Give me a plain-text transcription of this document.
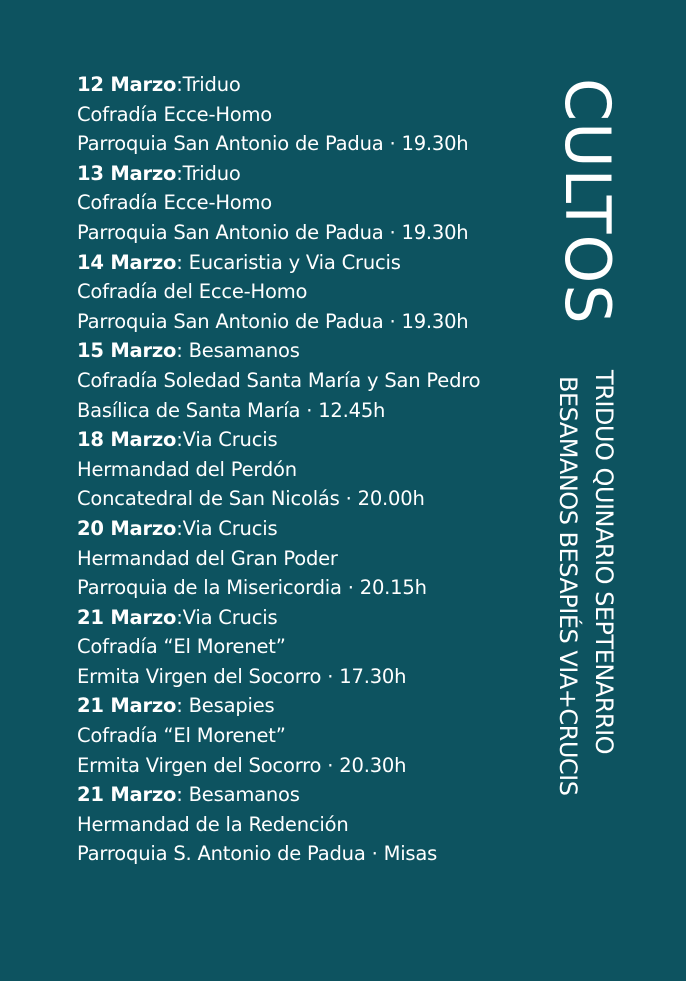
12 Marzo:Triduo
Cofradía Ecce-Homo
Parroquia San Antonio de Padua · 19.30h
13 Marzo:Triduo
Cofradía Ecce-Homo
Parroquia San Antonio de Padua · 19.30h
14 Marzo: Eucaristia y Via Crucis
Cofradía del Ecce-Homo
Parroquia San Antonio de Padua · 19.30h
15 Marzo: Besamanos
Cofradía Soledad Santa María y San Pedro
Basílica de Santa María · 12.45h
18 Marzo:Via Crucis
Hermandad del Perdón
Concatedral de San Nicolás · 20.00h
20 Marzo:Via Crucis
Hermandad del Gran Poder
Parroquia de la Misericordia · 20.15h
21 Marzo:Via Crucis
Cofradía “El Morenet”
Ermita Virgen del Socorro · 17.30h
21 Marzo: Besapies
Cofradía “El Morenet”
Ermita Virgen del Socorro · 20.30h
21 Marzo: Besamanos
Hermandad de la Redención
Parroquia S. Antonio de Padua · Misas
CULTOS
TRIDUO QUINARIO SEPTENARRIO
BESAMANOS BESAPIÉS VIA+CRUCIS
